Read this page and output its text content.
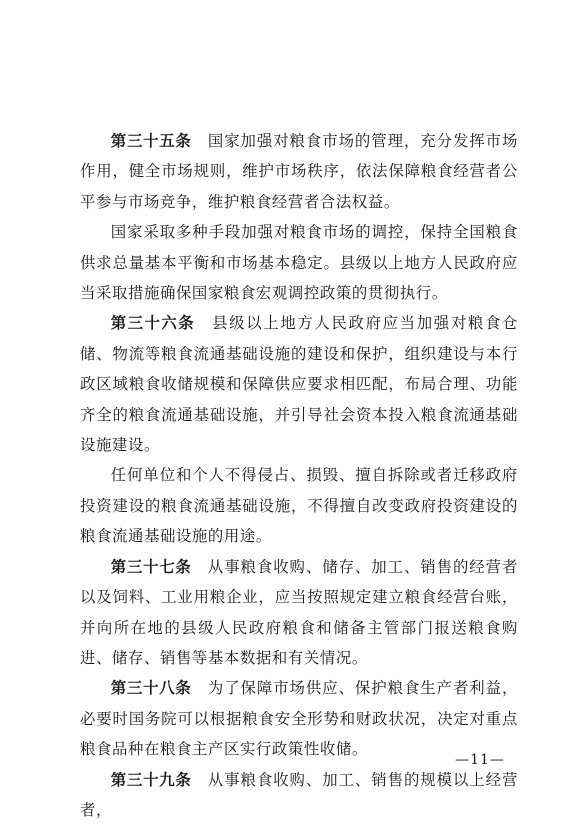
第三十五条　国家加强对粮食市场的管理，充分发挥市场作用，健全市场规则，维护市场秩序，依法保障粮食经营者公平参与市场竞争，维护粮食经营者合法权益。

国家采取多种手段加强对粮食市场的调控，保持全国粮食供求总量基本平衡和市场基本稳定。县级以上地方人民政府应当采取措施确保国家粮食宏观调控政策的贯彻执行。

第三十六条　县级以上地方人民政府应当加强对粮食仓储、物流等粮食流通基础设施的建设和保护，组织建设与本行政区域粮食收储规模和保障供应要求相匹配，布局合理、功能齐全的粮食流通基础设施，并引导社会资本投入粮食流通基础设施建设。

任何单位和个人不得侵占、损毁、擅自拆除或者迁移政府投资建设的粮食流通基础设施，不得擅自改变政府投资建设的粮食流通基础设施的用途。

第三十七条　从事粮食收购、储存、加工、销售的经营者以及饲料、工业用粮企业，应当按照规定建立粮食经营台账，并向所在地的县级人民政府粮食和储备主管部门报送粮食购进、储存、销售等基本数据和有关情况。

第三十八条　为了保障市场供应、保护粮食生产者利益，必要时国务院可以根据粮食安全形势和财政状况，决定对重点粮食品种在粮食主产区实行政策性收储。

第三十九条　从事粮食收购、加工、销售的规模以上经营者，

—11—
